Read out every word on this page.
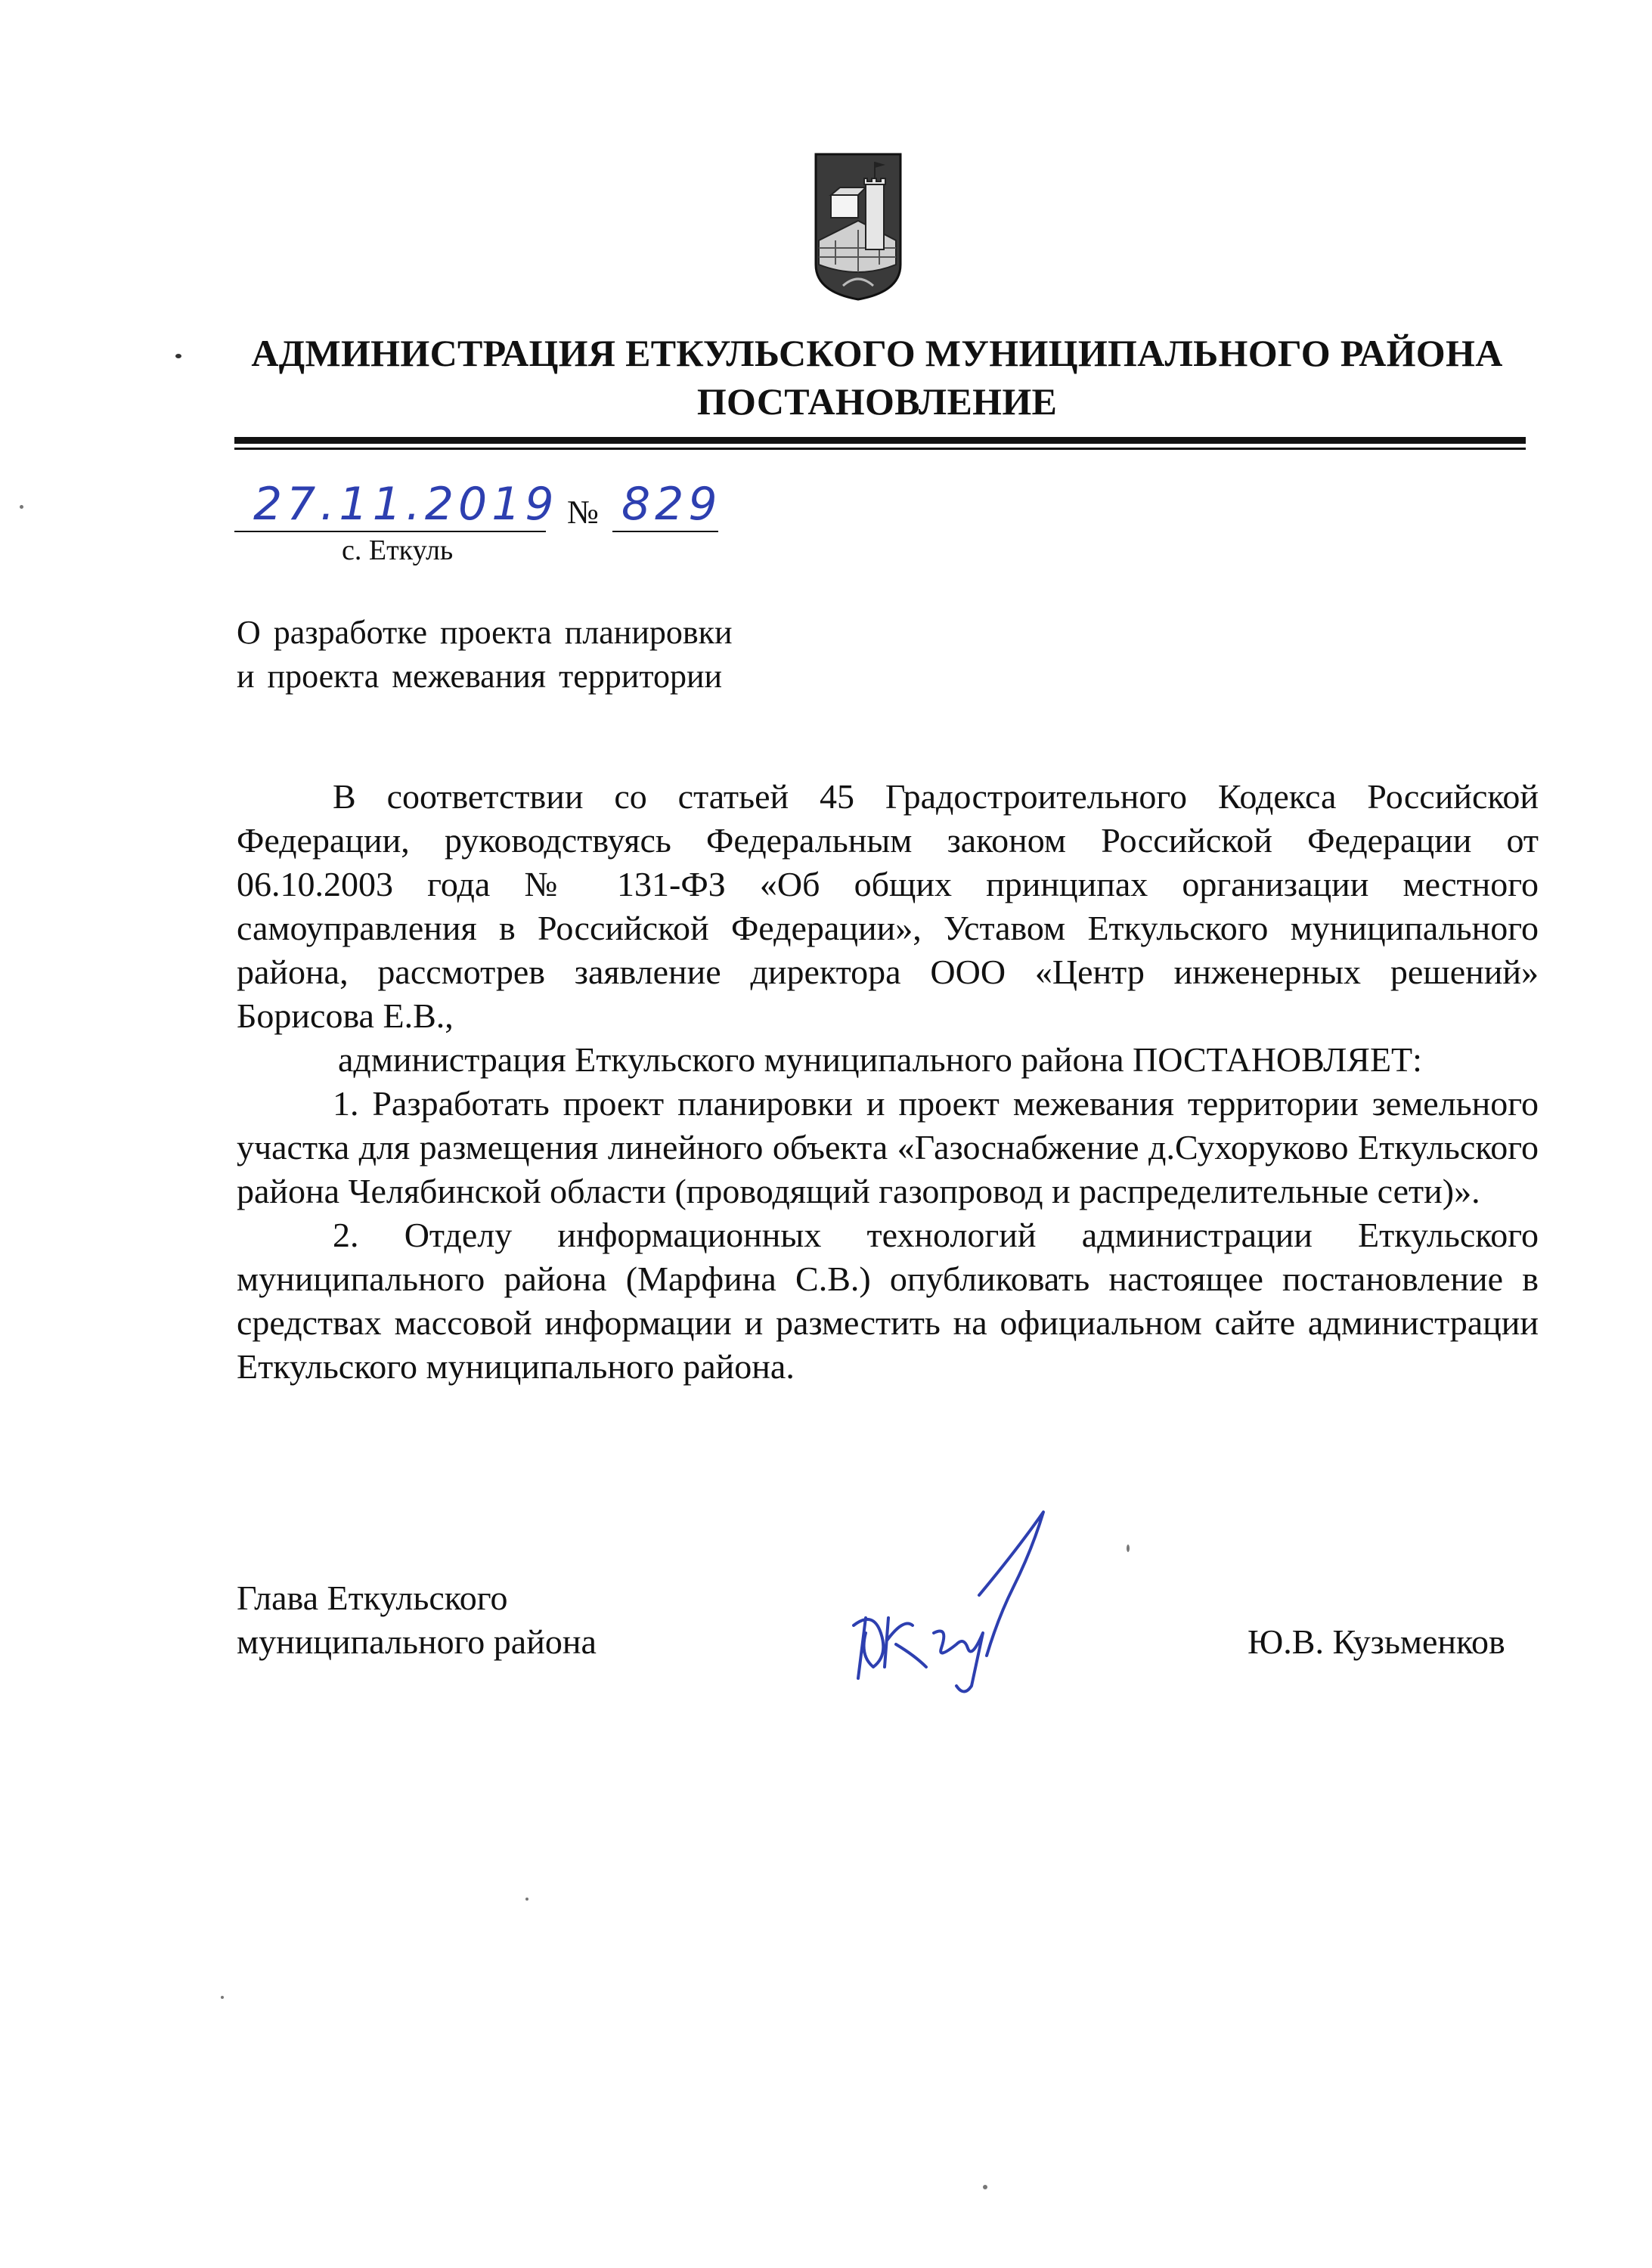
АДМИНИСТРАЦИЯ ЕТКУЛЬСКОГО МУНИЦИПАЛЬНОГО РАЙОНА
ПОСТАНОВЛЕНИЕ
27.11.2019 № 829
с. Еткуль
О разработке проекта планировки
и проекта межевания территории

В соответствии со статьей 45 Градостроительного Кодекса Российской Федерации, руководствуясь Федеральным законом Российской Федерации от 06.10.2003 года № 131-ФЗ «Об общих принципах организации местного самоуправления в Российской Федерации», Уставом Еткульского муниципального района, рассмотрев заявление директора ООО «Центр инженерных решений» Борисова Е.В.,

администрация Еткульского муниципального района ПОСТАНОВЛЯЕТ:

1. Разработать проект планировки и проект межевания территории земельного участка для размещения линейного объекта «Газоснабжение д.Сухоруково Еткульского района Челябинской области (проводящий газопровод и распределительные сети)».

2. Отделу информационных технологий администрации Еткульского муниципального района (Марфина С.В.) опубликовать настоящее постановление в средствах массовой информации и разместить на официальном сайте администрации Еткульского муниципального района.

Глава Еткульского
муниципального района	Ю.В. Кузьменков
